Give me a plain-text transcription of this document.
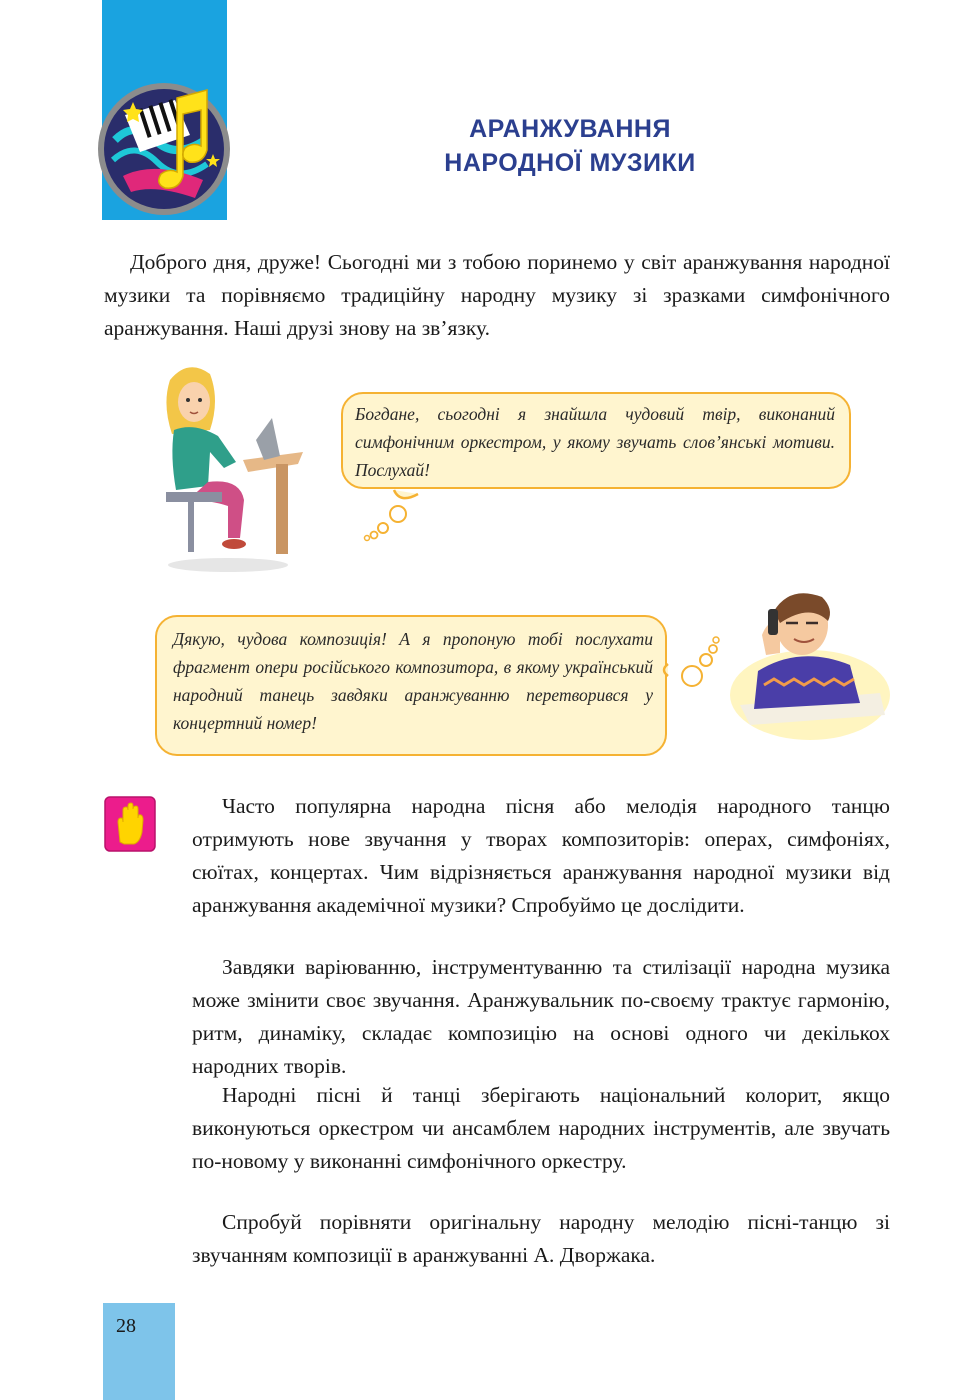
АРАНЖУВАННЯ
НАРОДНОЇ МУЗИКИ
Доброго дня, друже! Сьогодні ми з тобою поринемо у світ аранжування народної музики та порівняємо традиційну народну музику зі зразками симфонічного аранжування. Наші друзі знову на зв’язку.
Богдане, сьогодні я знайшла чудовий твір, виконаний симфонічним оркестром, у якому звучать слов’янські мотиви. Послухай!
Дякую, чудова композиція! А я пропоную тобі послухати фрагмент опери російського композитора, в якому український народний танець завдяки аранжуванню перетворився у концертний номер!
Часто популярна народна пісня або мелодія народного танцю отримують нове звучання у творах композиторів: операх, симфоніях, сюїтах, концертах. Чим відрізняється аранжування народної музики від аранжування академічної музики? Спробуймо це дослідити.
Завдяки варіюванню, інструментуванню та стилізації народна музика може змінити своє звучання. Аранжувальник по-своєму трактує гармонію, ритм, динаміку, складає композицію на основі одного чи декількох народних творів.
Народні пісні й танці зберігають національний колорит, якщо виконуються оркестром чи ансамблем народних інструментів, але звучать по-новому у виконанні симфонічного оркестру.
Спробуй порівняти оригінальну народну мелодію пісні-танцю зі звучанням композиції в аранжуванні А. Дворжака.
28
